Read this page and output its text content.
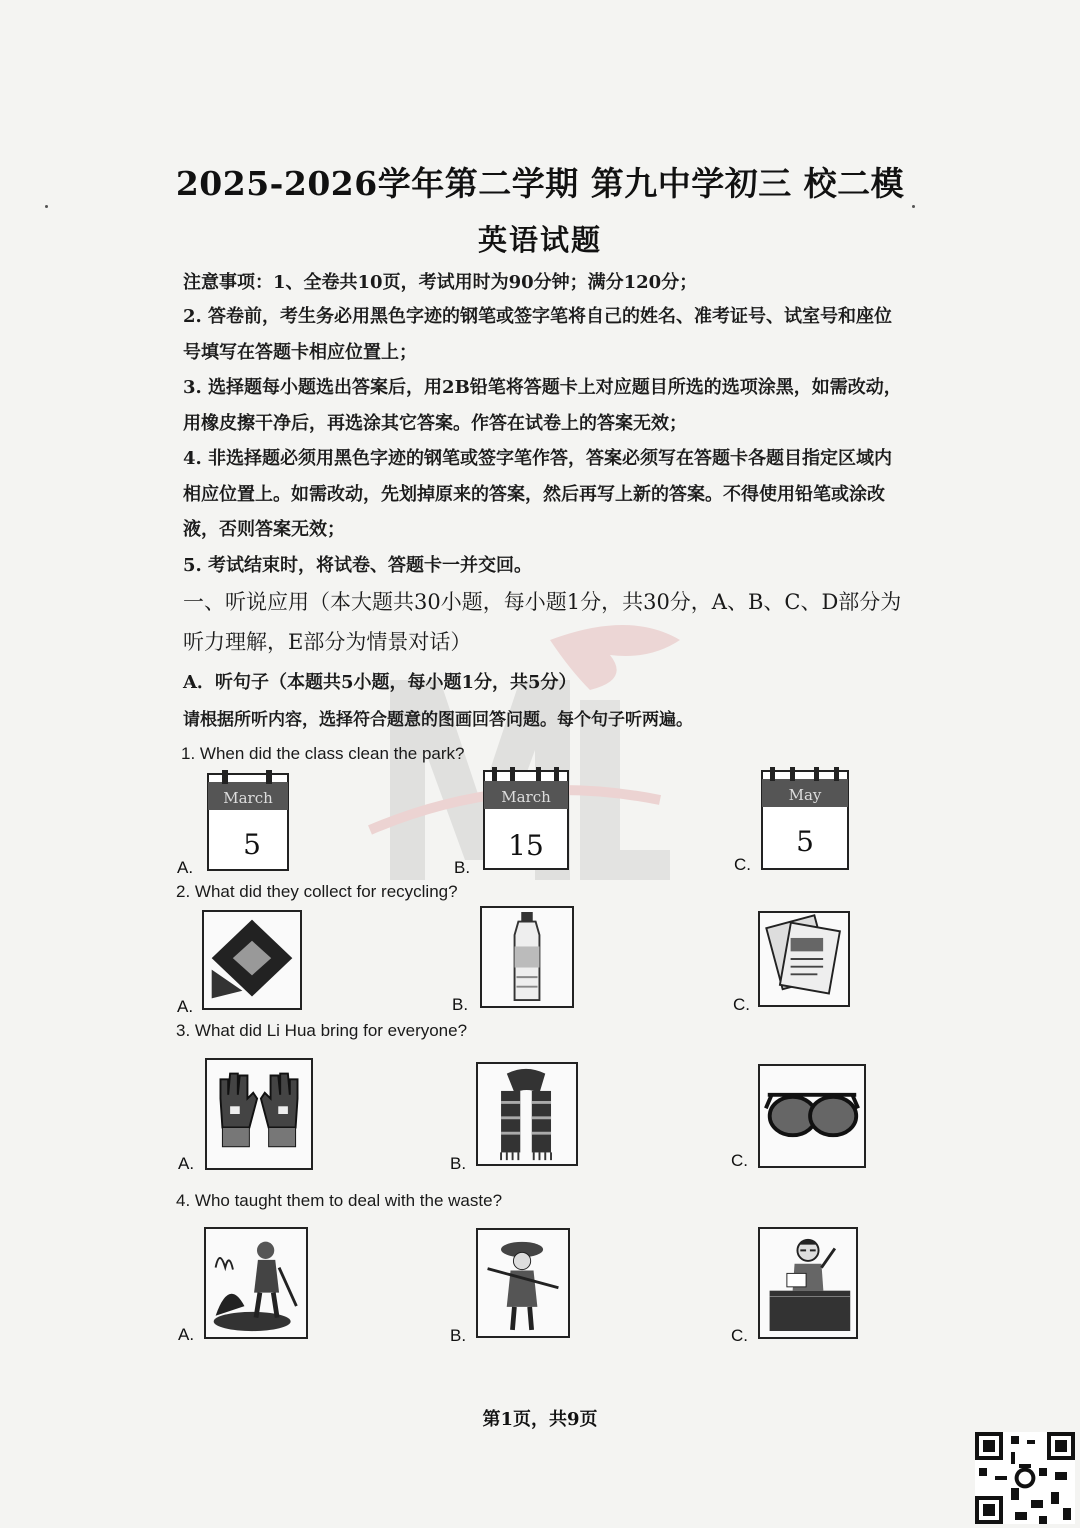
2025-2026学年第二学期 第九中学初三 校二模
英语试题
注意事项：1、全卷共10页，考试用时为90分钟；满分120分；
2. 答卷前，考生务必用黑色字迹的钢笔或签字笔将自己的姓名、准考证号、试室号和座位
号填写在答题卡相应位置上；
3. 选择题每小题选出答案后，用2B铅笔将答题卡上对应题目所选的选项涂黑，如需改动，
用橡皮擦干净后，再选涂其它答案。作答在试卷上的答案无效；
4. 非选择题必须用黑色字迹的钢笔或签字笔作答，答案必须写在答题卡各题目指定区域内
相应位置上。如需改动，先划掉原来的答案，然后再写上新的答案。不得使用铅笔或涂改
液，否则答案无效；
5. 考试结束时，将试卷、答题卡一并交回。
一、听说应用（本大题共30小题，每小题1分，共30分，A、B、C、D部分为
听力理解，E部分为情景对话）
A．听句子（本题共5小题，每小题1分，共5分）
请根据所听内容，选择符合题意的图画回答问题。每个句子听两遍。
1. When did the class clean the park?
A.
March
5
B.
March
15
C.
May
5
2. What did they collect for recycling?
A.	B.	C.
3. What did Li Hua bring for everyone?
A.	B.	C.
4. Who taught them to deal with the waste?
A.	B.	C.
第1页，共9页
